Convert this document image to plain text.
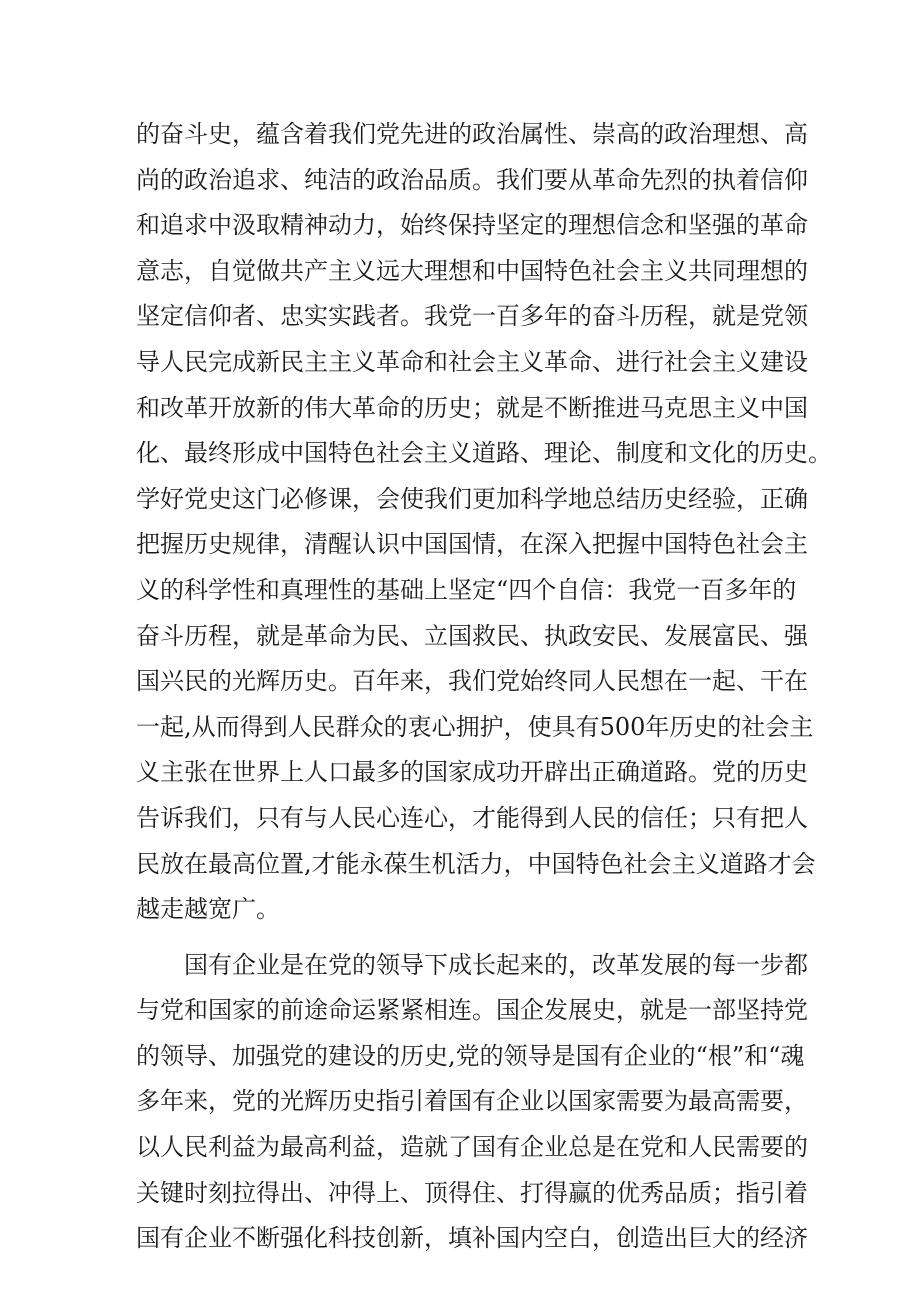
的奋斗史，蕴含着我们党先进的政治属性、崇高的政治理想、高
尚的政治追求、纯洁的政治品质。我们要从革命先烈的执着信仰
和追求中汲取精神动力，始终保持坚定的理想信念和坚强的革命
意志，自觉做共产主义远大理想和中国特色社会主义共同理想的
坚定信仰者、忠实实践者。我党一百多年的奋斗历程，就是党领
导人民完成新民主主义革命和社会主义革命、进行社会主义建设
和改革开放新的伟大革命的历史；就是不断推进马克思主义中国
化、最终形成中国特色社会主义道路、理论、制度和文化的历史。
学好党史这门必修课，会使我们更加科学地总结历史经验，正确
把握历史规律，清醒认识中国国情，在深入把握中国特色社会主
义的科学性和真理性的基础上坚定“四个自信：我党一百多年的
奋斗历程，就是革命为民、立国救民、执政安民、发展富民、强
国兴民的光辉历史。百年来，我们党始终同人民想在一起、干在
一起,从而得到人民群众的衷心拥护，使具有500年历史的社会主
义主张在世界上人口最多的国家成功开辟出正确道路。党的历史
告诉我们，只有与人民心连心，才能得到人民的信任；只有把人
民放在最高位置,才能永葆生机活力，中国特色社会主义道路才会
越走越宽广。
国有企业是在党的领导下成长起来的，改革发展的每一步都
与党和国家的前途命运紧紧相连。国企发展史，就是一部坚持党
的领导、加强党的建设的历史,党的领导是国有企业的“根”和“魂
多年来，党的光辉历史指引着国有企业以国家需要为最高需要，
以人民利益为最高利益，造就了国有企业总是在党和人民需要的
关键时刻拉得出、冲得上、顶得住、打得赢的优秀品质；指引着
国有企业不断强化科技创新，填补国内空白，创造出巨大的经济
